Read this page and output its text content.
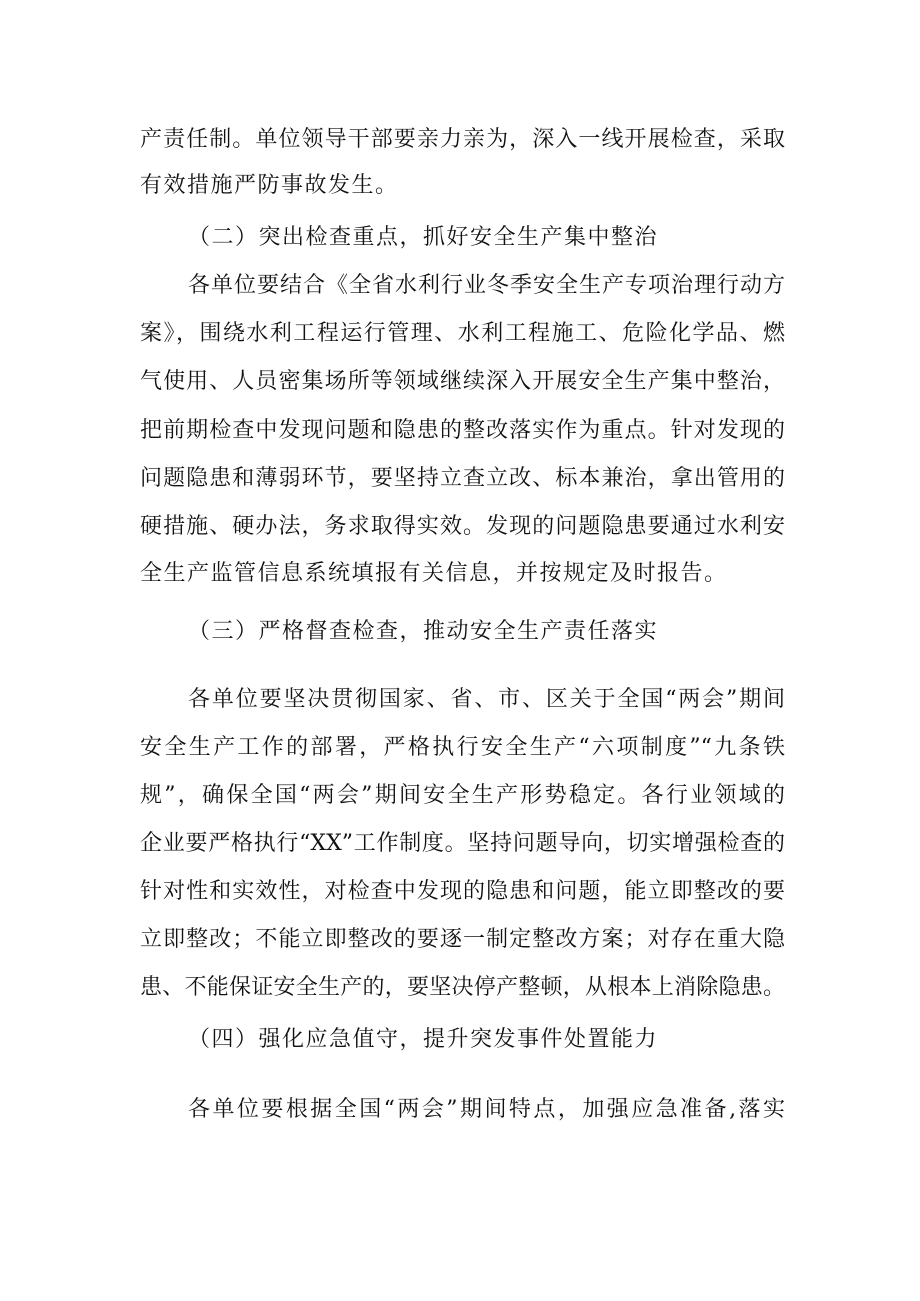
产责任制。单位领导干部要亲力亲为，深入一线开展检查，采取
有效措施严防事故发生。
（二）突出检查重点，抓好安全生产集中整治
各单位要结合《全省水利行业冬季安全生产专项治理行动方
案》，围绕水利工程运行管理、水利工程施工、危险化学品、燃
气使用、人员密集场所等领域继续深入开展安全生产集中整治，
把前期检查中发现问题和隐患的整改落实作为重点。针对发现的
问题隐患和薄弱环节，要坚持立查立改、标本兼治，拿出管用的
硬措施、硬办法，务求取得实效。发现的问题隐患要通过水利安
全生产监管信息系统填报有关信息，并按规定及时报告。
（三）严格督查检查，推动安全生产责任落实
各单位要坚决贯彻国家、省、市、区关于全国“两会”期间
安全生产工作的部署，严格执行安全生产“六项制度”“九条铁
规”，确保全国“两会”期间安全生产形势稳定。各行业领域的
企业要严格执行“XX”工作制度。坚持问题导向，切实增强检查的
针对性和实效性，对检查中发现的隐患和问题，能立即整改的要
立即整改；不能立即整改的要逐一制定整改方案；对存在重大隐
患、不能保证安全生产的，要坚决停产整顿，从根本上消除隐患。
（四）强化应急值守，提升突发事件处置能力
各单位要根据全国“两会”期间特点，加强应急准备,落实
